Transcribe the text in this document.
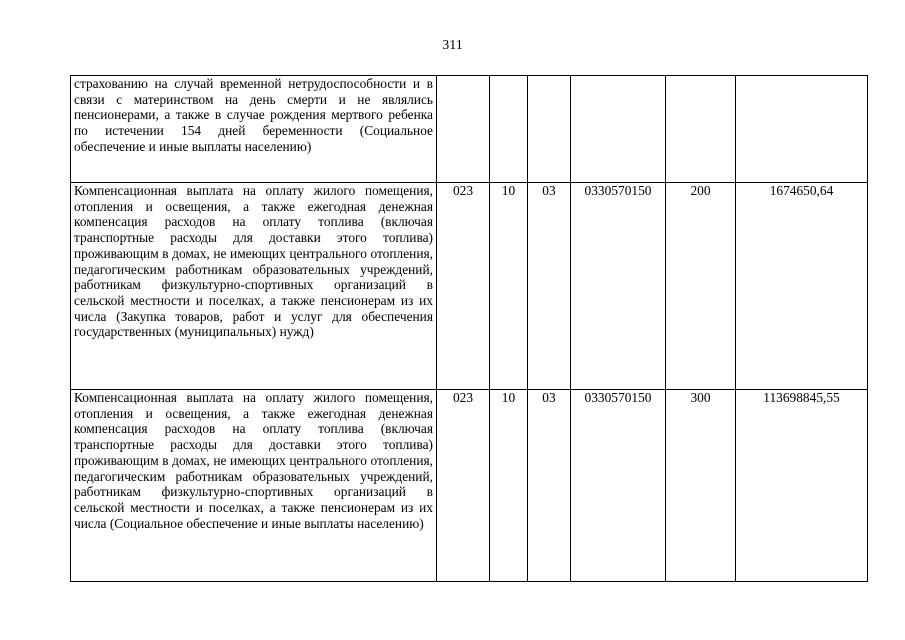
311
страхованию на случай временной нетрудоспособности и в связи с материнством на день смерти и не являлись пенсионерами, а также в случае рождения мертвого ребенка по истечении 154 дней беременности (Социальное обеспечение и иные выплаты населению)						
Компенсационная выплата на оплату жилого помещения, отопления и освещения, а также ежегодная денежная компенсация расходов на оплату топлива (включая транспортные расходы для доставки этого топлива) проживающим в домах, не имеющих центрального отопления, педагогическим работникам образовательных учреждений, работникам физкультурно-спортивных организаций в сельской местности и поселках, а также пенсионерам из их числа (Закупка товаров, работ и услуг для обеспечения государственных (муниципальных) нужд)	023	10	03	0330570150	200	1674650,64
Компенсационная выплата на оплату жилого помещения, отопления и освещения, а также ежегодная денежная компенсация расходов на оплату топлива (включая транспортные расходы для доставки этого топлива) проживающим в домах, не имеющих центрального отопления, педагогическим работникам образовательных учреждений, работникам физкультурно-спортивных организаций в сельской местности и поселках, а также пенсионерам из их числа (Социальное обеспечение и иные выплаты населению)	023	10	03	0330570150	300	113698845,55
